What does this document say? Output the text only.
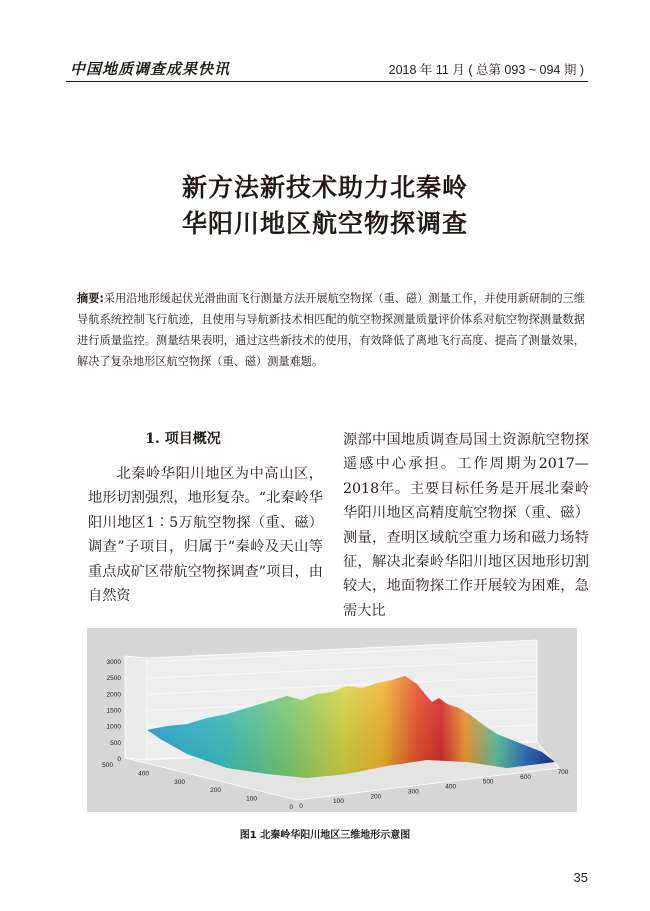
中国地质调查成果快讯	2018 年 11 月 ( 总第 093 ~ 094 期 )
新方法新技术助力北秦岭
华阳川地区航空物探调查
摘要:采用沿地形缓起伏光滑曲面飞行测量方法开展航空物探（重、磁）测量工作，并使用新研制的三维导航系统控制飞行航迹，且使用与导航新技术相匹配的航空物探测量质量评价体系对航空物探测量数据进行质量监控。测量结果表明，通过这些新技术的使用，有效降低了离地飞行高度、提高了测量效果，解决了复杂地形区航空物探（重、磁）测量难题。
1. 项目概况
北秦岭华阳川地区为中高山区，地形切割强烈，地形复杂。“北秦岭华阳川地区1∶5万航空物探（重、磁）调查”子项目，归属于“秦岭及天山等重点成矿区带航空物探调查”项目，由自然资
源部中国地质调查局国土资源航空物探遥感中心承担。工作周期为2017—2018年。主要目标任务是开展北秦岭华阳川地区高精度航空物探（重、磁）测量，查明区域航空重力场和磁力场特征，解决北秦岭华阳川地区因地形切割较大，地面物探工作开展较为困难，急需大比
3000
2500
2000
1500
1000
500
0
500
400
300
200
100
0 0
100
200
300
400
500
600
700
图1 北秦岭华阳川地区三维地形示意图
35
